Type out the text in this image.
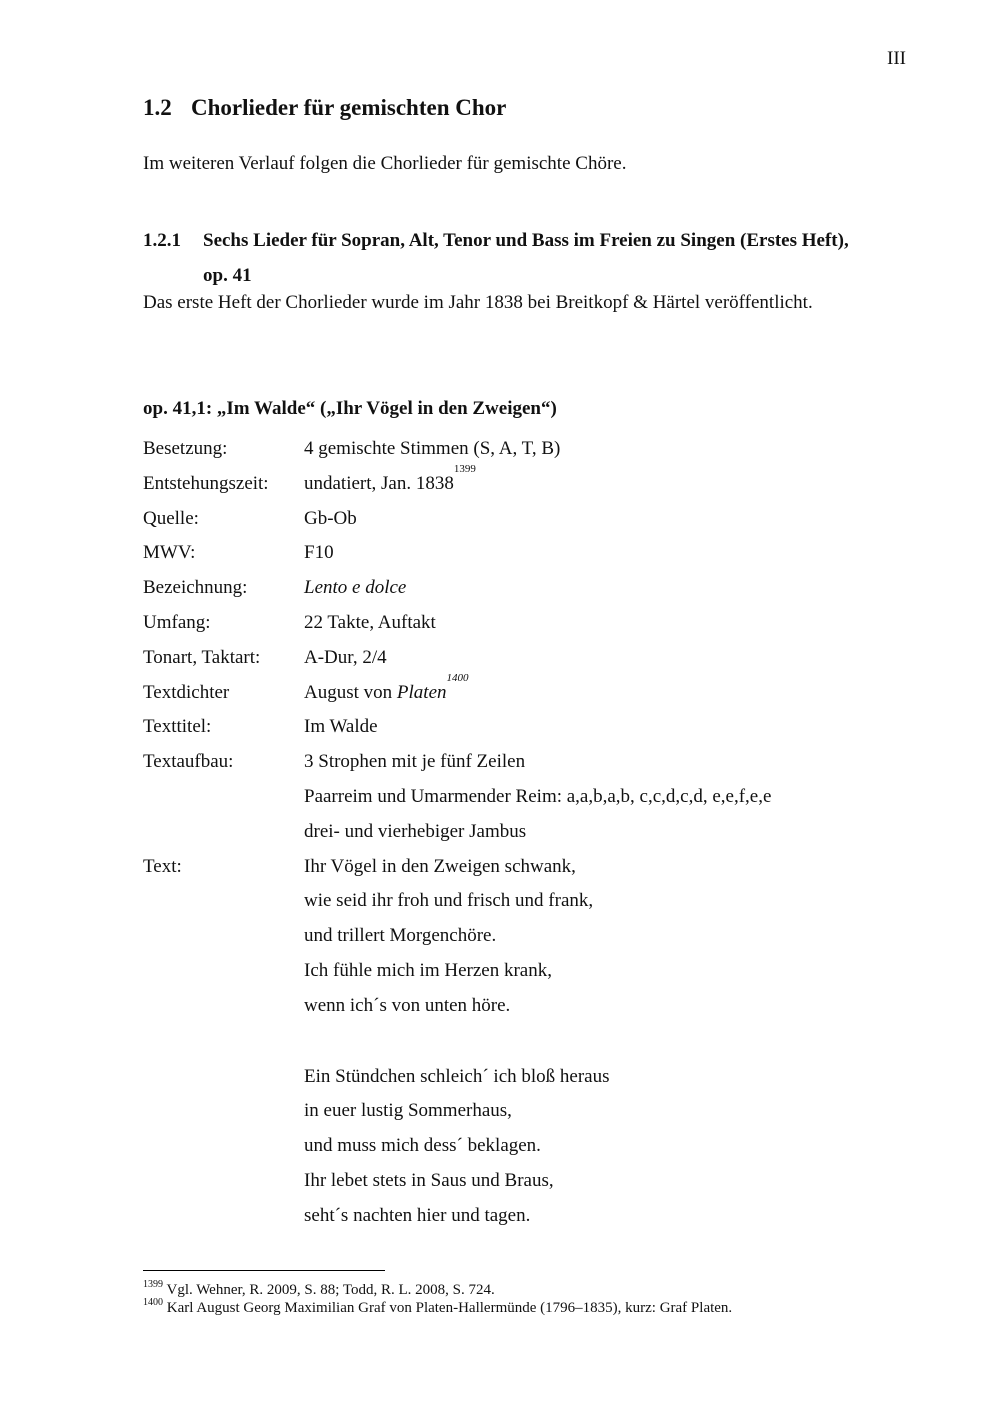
III
1.2 Chorlieder für gemischten Chor
Im weiteren Verlauf folgen die Chorlieder für gemischte Chöre.
1.2.1 Sechs Lieder für Sopran, Alt, Tenor und Bass im Freien zu Singen (Erstes Heft),
op. 41
Das erste Heft der Chorlieder wurde im Jahr 1838 bei Breitkopf & Härtel veröffentlicht.
op. 41,1: „Im Walde“ („Ihr Vögel in den Zweigen“)
Besetzung:	4 gemischte Stimmen (S, A, T, B)
Entstehungszeit:	undatiert, Jan. $1838^{1399}$
Quelle:	Gb-Ob
MWV:	F10
Bezeichnung:	Lento e dolce
Umfang:	22 Takte, Auftakt
Tonart, Taktart:	A-Dur, 2/4
Textdichter	August von Platen$^{1400}$
Texttitel:	Im Walde
Textaufbau:	3 Strophen mit je fünf Zeilen
Paarreim und Umarmender Reim: a,a,b,a,b, c,c,d,c,d, e,e,f,e,e
drei- und vierhebiger Jambus
Text:	Ihr Vögel in den Zweigen schwank,
wie seid ihr froh und frisch und frank,
und trillert Morgenchöre.
Ich fühle mich im Herzen krank,
wenn ich´s von unten höre.
Ein Stündchen schleich´ ich bloß heraus
in euer lustig Sommerhaus,
und muss mich dess´ beklagen.
Ihr lebet stets in Saus und Braus,
seht´s nachten hier und tagen.
$^{1399}$ Vgl. Wehner, R. 2009, S. 88; Todd, R. L. 2008, S. 724.
$^{1400}$ Karl August Georg Maximilian Graf von Platen-Hallermünde (1796–1835), kurz: Graf Platen.
